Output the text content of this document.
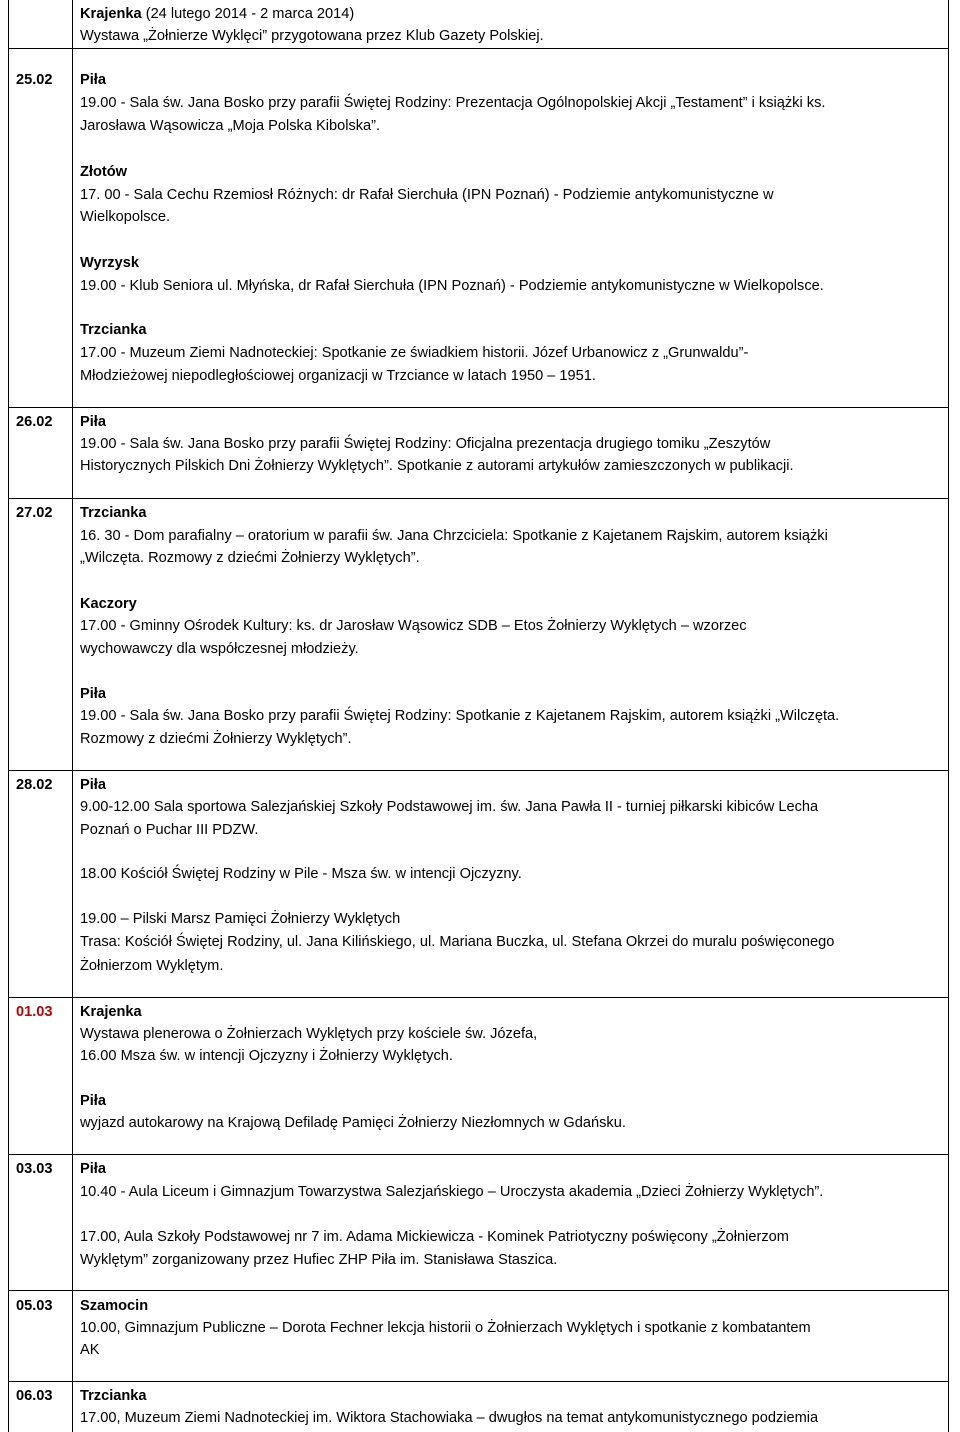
Krajenka (24 lutego 2014 - 2 marca 2014)
Wystawa „Żołnierze Wyklęci” przygotowana przez Klub Gazety Polskiej.
25.02 Piła
19.00 - Sala św. Jana Bosko przy parafii Świętej Rodziny: Prezentacja Ogólnopolskiej Akcji „Testament” i książki ks.
Jarosława Wąsowicza „Moja Polska Kibolska”.
Złotów
17. 00 - Sala Cechu Rzemiosł Różnych: dr Rafał Sierchuła (IPN Poznań) - Podziemie antykomunistyczne w
Wielkopolsce.
Wyrzysk
19.00 - Klub Seniora ul. Młyńska, dr Rafał Sierchuła (IPN Poznań) - Podziemie antykomunistyczne w Wielkopolsce.
Trzcianka
17.00 - Muzeum Ziemi Nadnoteckiej: Spotkanie ze świadkiem historii. Józef Urbanowicz z „Grunwaldu”-
Młodzieżowej niepodległościowej organizacji w Trzciance w latach 1950 – 1951.
26.02 Piła
19.00 - Sala św. Jana Bosko przy parafii Świętej Rodziny: Oficjalna prezentacja drugiego tomiku „Zeszytów
Historycznych Pilskich Dni Żołnierzy Wyklętych”. Spotkanie z autorami artykułów zamieszczonych w publikacji.
27.02 Trzcianka
16. 30 - Dom parafialny – oratorium w parafii św. Jana Chrzciciela: Spotkanie z Kajetanem Rajskim, autorem książki
„Wilczęta. Rozmowy z dziećmi Żołnierzy Wyklętych”.
Kaczory
17.00 - Gminny Ośrodek Kultury: ks. dr Jarosław Wąsowicz SDB – Etos Żołnierzy Wyklętych – wzorzec
wychowawczy dla współczesnej młodzieży.
Piła
19.00 - Sala św. Jana Bosko przy parafii Świętej Rodziny: Spotkanie z Kajetanem Rajskim, autorem książki „Wilczęta.
Rozmowy z dziećmi Żołnierzy Wyklętych”.
28.02 Piła
9.00-12.00 Sala sportowa Salezjańskiej Szkoły Podstawowej im. św. Jana Pawła II - turniej piłkarski kibiców Lecha
Poznań o Puchar III PDZW.
18.00 Kościół Świętej Rodziny w Pile - Msza św. w intencji Ojczyzny.
19.00 – Pilski Marsz Pamięci Żołnierzy Wyklętych
Trasa: Kościół Świętej Rodziny, ul. Jana Kilińskiego, ul. Mariana Buczka, ul. Stefana Okrzei do muralu poświęconego
Żołnierzom Wyklętym.
01.03 Krajenka
Wystawa plenerowa o Żołnierzach Wyklętych przy kościele św. Józefa,
16.00 Msza św. w intencji Ojczyzny i Żołnierzy Wyklętych.
Piła
wyjazd autokarowy na Krajową Defiladę Pamięci Żołnierzy Niezłomnych w Gdańsku.
03.03 Piła
10.40 - Aula Liceum i Gimnazjum Towarzystwa Salezjańskiego – Uroczysta akademia „Dzieci Żołnierzy Wyklętych”.
17.00, Aula Szkoły Podstawowej nr 7 im. Adama Mickiewicza - Kominek Patriotyczny poświęcony „Żołnierzom
Wyklętym” zorganizowany przez Hufiec ZHP Piła im. Stanisława Staszica.
05.03 Szamocin
10.00, Gimnazjum Publiczne – Dorota Fechner lekcja historii o Żołnierzach Wyklętych i spotkanie z kombatantem
AK
06.03 Trzcianka
17.00, Muzeum Ziemi Nadnoteckiej im. Wiktora Stachowiaka – dwugłos na temat antykomunistycznego podziemia
